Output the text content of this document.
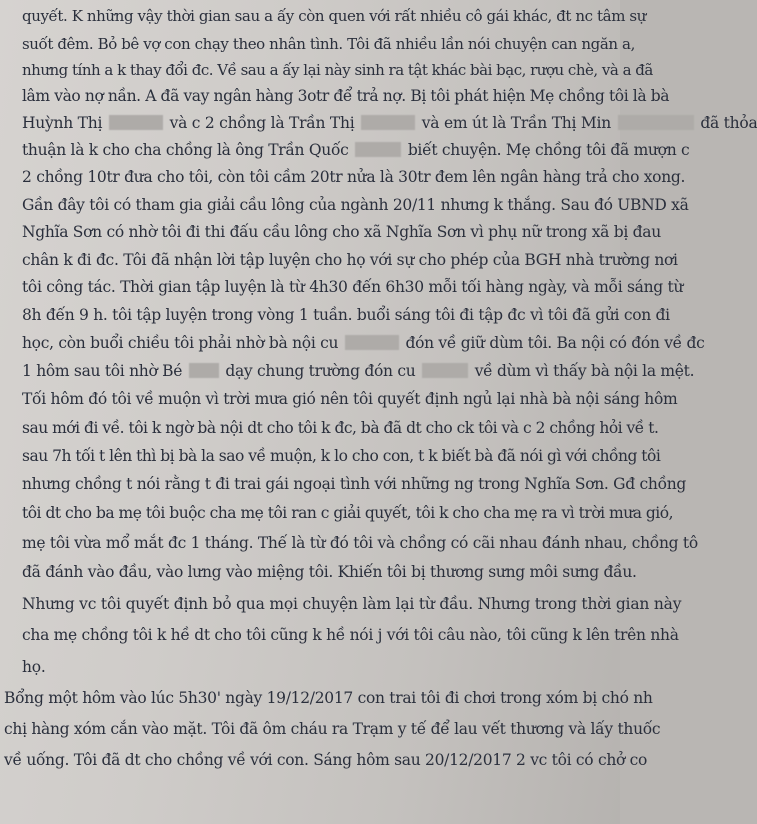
quyết. K những vậy thời gian sau a ấy còn quen với rất nhiều cô gái khác, đt nc tâm sự
suốt đêm. Bỏ bê vợ con chạy theo nhân tình. Tôi đã nhiều lần nói chuyện can ngăn a,
nhưng tính a k thay đổi đc. Về sau a ấy lại này sinh ra tật khác bài bạc, rượu chè, và a đã
lâm vào nợ nần. A đã vay ngân hàng 3otr để trả nợ. Bị tôi phát hiện Mẹ chồng tôi là bà
Huỳnh Thị	và c 2 chồng là Trần Thị	và em út là Trần Thị Min	đã thỏa
thuận là k cho cha chồng là ông Trần Quốc	biết chuyện. Mẹ chồng tôi đã mượn c
2 chồng 10tr đưa cho tôi, còn tôi cầm 20tr nửa là 30tr đem lên ngân hàng trả cho xong.
Gần đây tôi có tham gia giải cầu lông của ngành 20/11 nhưng k thắng. Sau đó UBND xã
Nghĩa Sơn có nhờ tôi đi thi đấu cầu lông cho xã Nghĩa Sơn vì phụ nữ trong xã bị đau
chân k đi đc. Tôi đã nhận lời tập luyện cho họ với sự cho phép của BGH nhà trường nơi
tôi công tác. Thời gian tập luyện là từ 4h30 đến 6h30 mỗi tối hàng ngày, và mỗi sáng từ
8h đến 9 h. tôi tập luyện trong vòng 1 tuần. buổi sáng tôi đi tập đc vì tôi đã gửi con đi
học, còn buổi chiều tôi phải nhờ bà nội cu	đón về giữ dùm tôi. Ba nội có đón về đc
1 hôm sau tôi nhờ Bé	dạy chung trường đón cu	về dùm vì thấy bà nội la mệt.
Tối hôm đó tôi về muộn vì trời mưa gió nên tôi quyết định ngủ lại nhà bà nội sáng hôm
sau mới đi về. tôi k ngờ bà nội dt cho tôi k đc, bà đã dt cho ck tôi và c 2 chồng hỏi về t.
sau 7h tối t lên thì bị bà la sao về muộn, k lo cho con, t k biết bà đã nói gì với chồng tôi
nhưng chồng t nói rằng t đi trai gái ngoại tình với những ng trong Nghĩa Sơn. Gđ chồng
tôi dt cho ba mẹ tôi buộc cha mẹ tôi ran c giải quyết, tôi k cho cha mẹ ra vì trời mưa gió,
mẹ tôi vừa mổ mắt đc 1 tháng. Thế là từ đó tôi và chồng có cãi nhau đánh nhau, chồng tô
đã đánh vào đầu, vào lưng vào miệng tôi. Khiến tôi bị thương sưng môi sưng đầu.
Nhưng vc tôi quyết định bỏ qua mọi chuyện làm lại từ đầu. Nhưng trong thời gian này
cha mẹ chồng tôi k hề dt cho tôi cũng k hề nói j với tôi câu nào, tôi cũng k lên trên nhà
họ.
Bổng một hôm vào lúc 5h30' ngày 19/12/2017 con trai tôi đi chơi trong xóm bị chó nh
chị hàng xóm cắn vào mặt. Tôi đã ôm cháu ra Trạm y tế để lau vết thương và lấy thuốc
về uống. Tôi đã dt cho chồng về với con. Sáng hôm sau 20/12/2017 2 vc tôi có chở co
